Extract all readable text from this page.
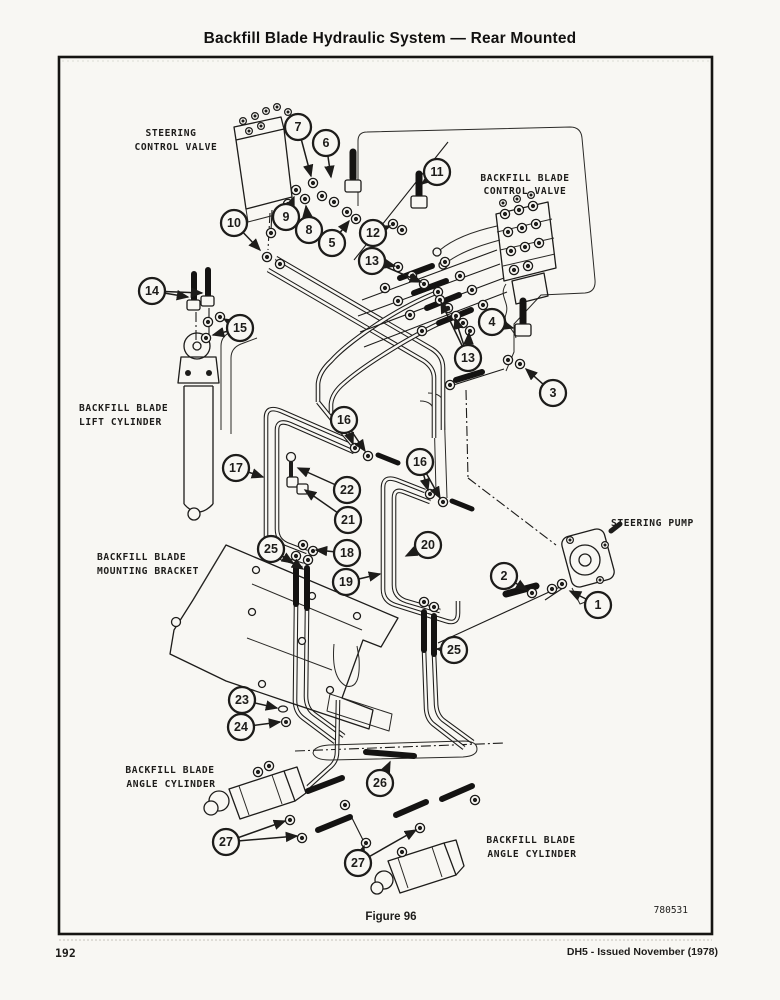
Backfill Blade Hydraulic System — Rear Mounted
192	DH5 - Issued November (1978)
1
2
3
4
5
6
7
8
9
10
11
12
13
13
14
15
16
16
17
18
19
20
21
22
23
24
25
25
26
27
27
STEERING
CONTROL VALVE
BACKFILL BLADE
CONTROL VALVE
BACKFILL BLADE
LIFT CYLINDER
BACKFILL BLADE
MOUNTING BRACKET
STEERING PUMP
BACKFILL BLADE
ANGLE CYLINDER
BACKFILL BLADE
ANGLE CYLINDER
Figure 96
780531
